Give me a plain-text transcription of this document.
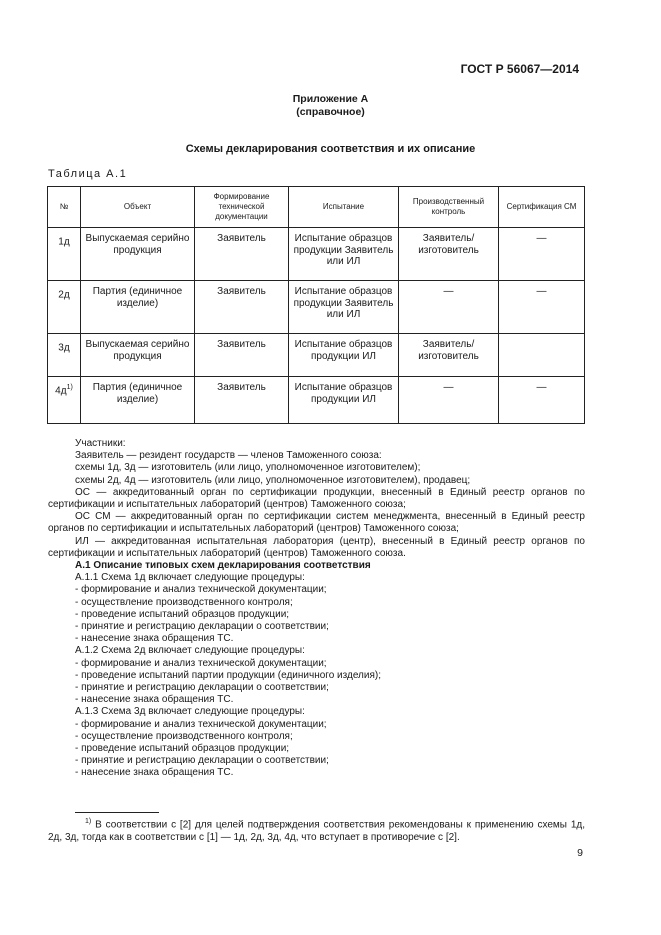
ГОСТ Р 56067—2014
Приложение А
(справочное)
Схемы декларирования соответствия и их описание
Таблица А.1
№	Объект	Формирование технической документации	Испытание	Производственный контроль	Сертификация СМ
1д	Выпускаемая серийно продукция	Заявитель	Испытание образцов продукции Заявитель или ИЛ	Заявитель/ изготовитель	—
2д	Партия (единичное изделие)	Заявитель	Испытание образцов продукции Заявитель или ИЛ	—	—
3д	Выпускаемая серийно продукция	Заявитель	Испытание образцов продукции ИЛ	Заявитель/ изготовитель	
$4д^{1)}$	Партия (единичное изделие)	Заявитель	Испытание образцов продукции ИЛ	—	—

Участники:

Заявитель — резидент государств — членов Таможенного союза:

схемы 1д, 3д — изготовитель (или лицо, уполномоченное изготовителем);

схемы 2д, 4д — изготовитель (или лицо, уполномоченное изготовителем), продавец;

ОС — аккредитованный орган по сертификации продукции, внесенный в Единый реестр органов по сертификации и испытательных лабораторий (центров) Таможенного союза;

ОС СМ — аккредитованный орган по сертификации систем менеджмента, внесенный в Единый реестр органов по сертификации и испытательных лабораторий (центров) Таможенного союза;

ИЛ — аккредитованная испытательная лаборатория (центр), внесенный в Единый реестр органов по сертификации и испытательных лабораторий (центров) Таможенного союза.

А.1 Описание типовых схем декларирования соответствия

А.1.1 Схема 1д включает следующие процедуры:

- формирование и анализ технической документации;

- осуществление производственного контроля;

- проведение испытаний образцов продукции;

- принятие и регистрацию декларации о соответствии;

- нанесение знака обращения ТС.

А.1.2 Схема 2д включает следующие процедуры:

- формирование и анализ технической документации;

- проведение испытаний партии продукции (единичного изделия);

- принятие и регистрацию декларации о соответствии;

- нанесение знака обращения ТС.

А.1.3 Схема 3д включает следующие процедуры:

- формирование и анализ технической документации;

- осуществление производственного контроля;

- проведение испытаний образцов продукции;

- принятие и регистрацию декларации о соответствии;

- нанесение знака обращения ТС.

$^{1)}$ В соответствии с [2] для целей подтверждения соответствия рекомендованы к применению схемы 1д, 2д, 3д, тогда как в соответствии с [1] — 1д, 2д, 3д, 4д, что вступает в противоречие с [2].

9
